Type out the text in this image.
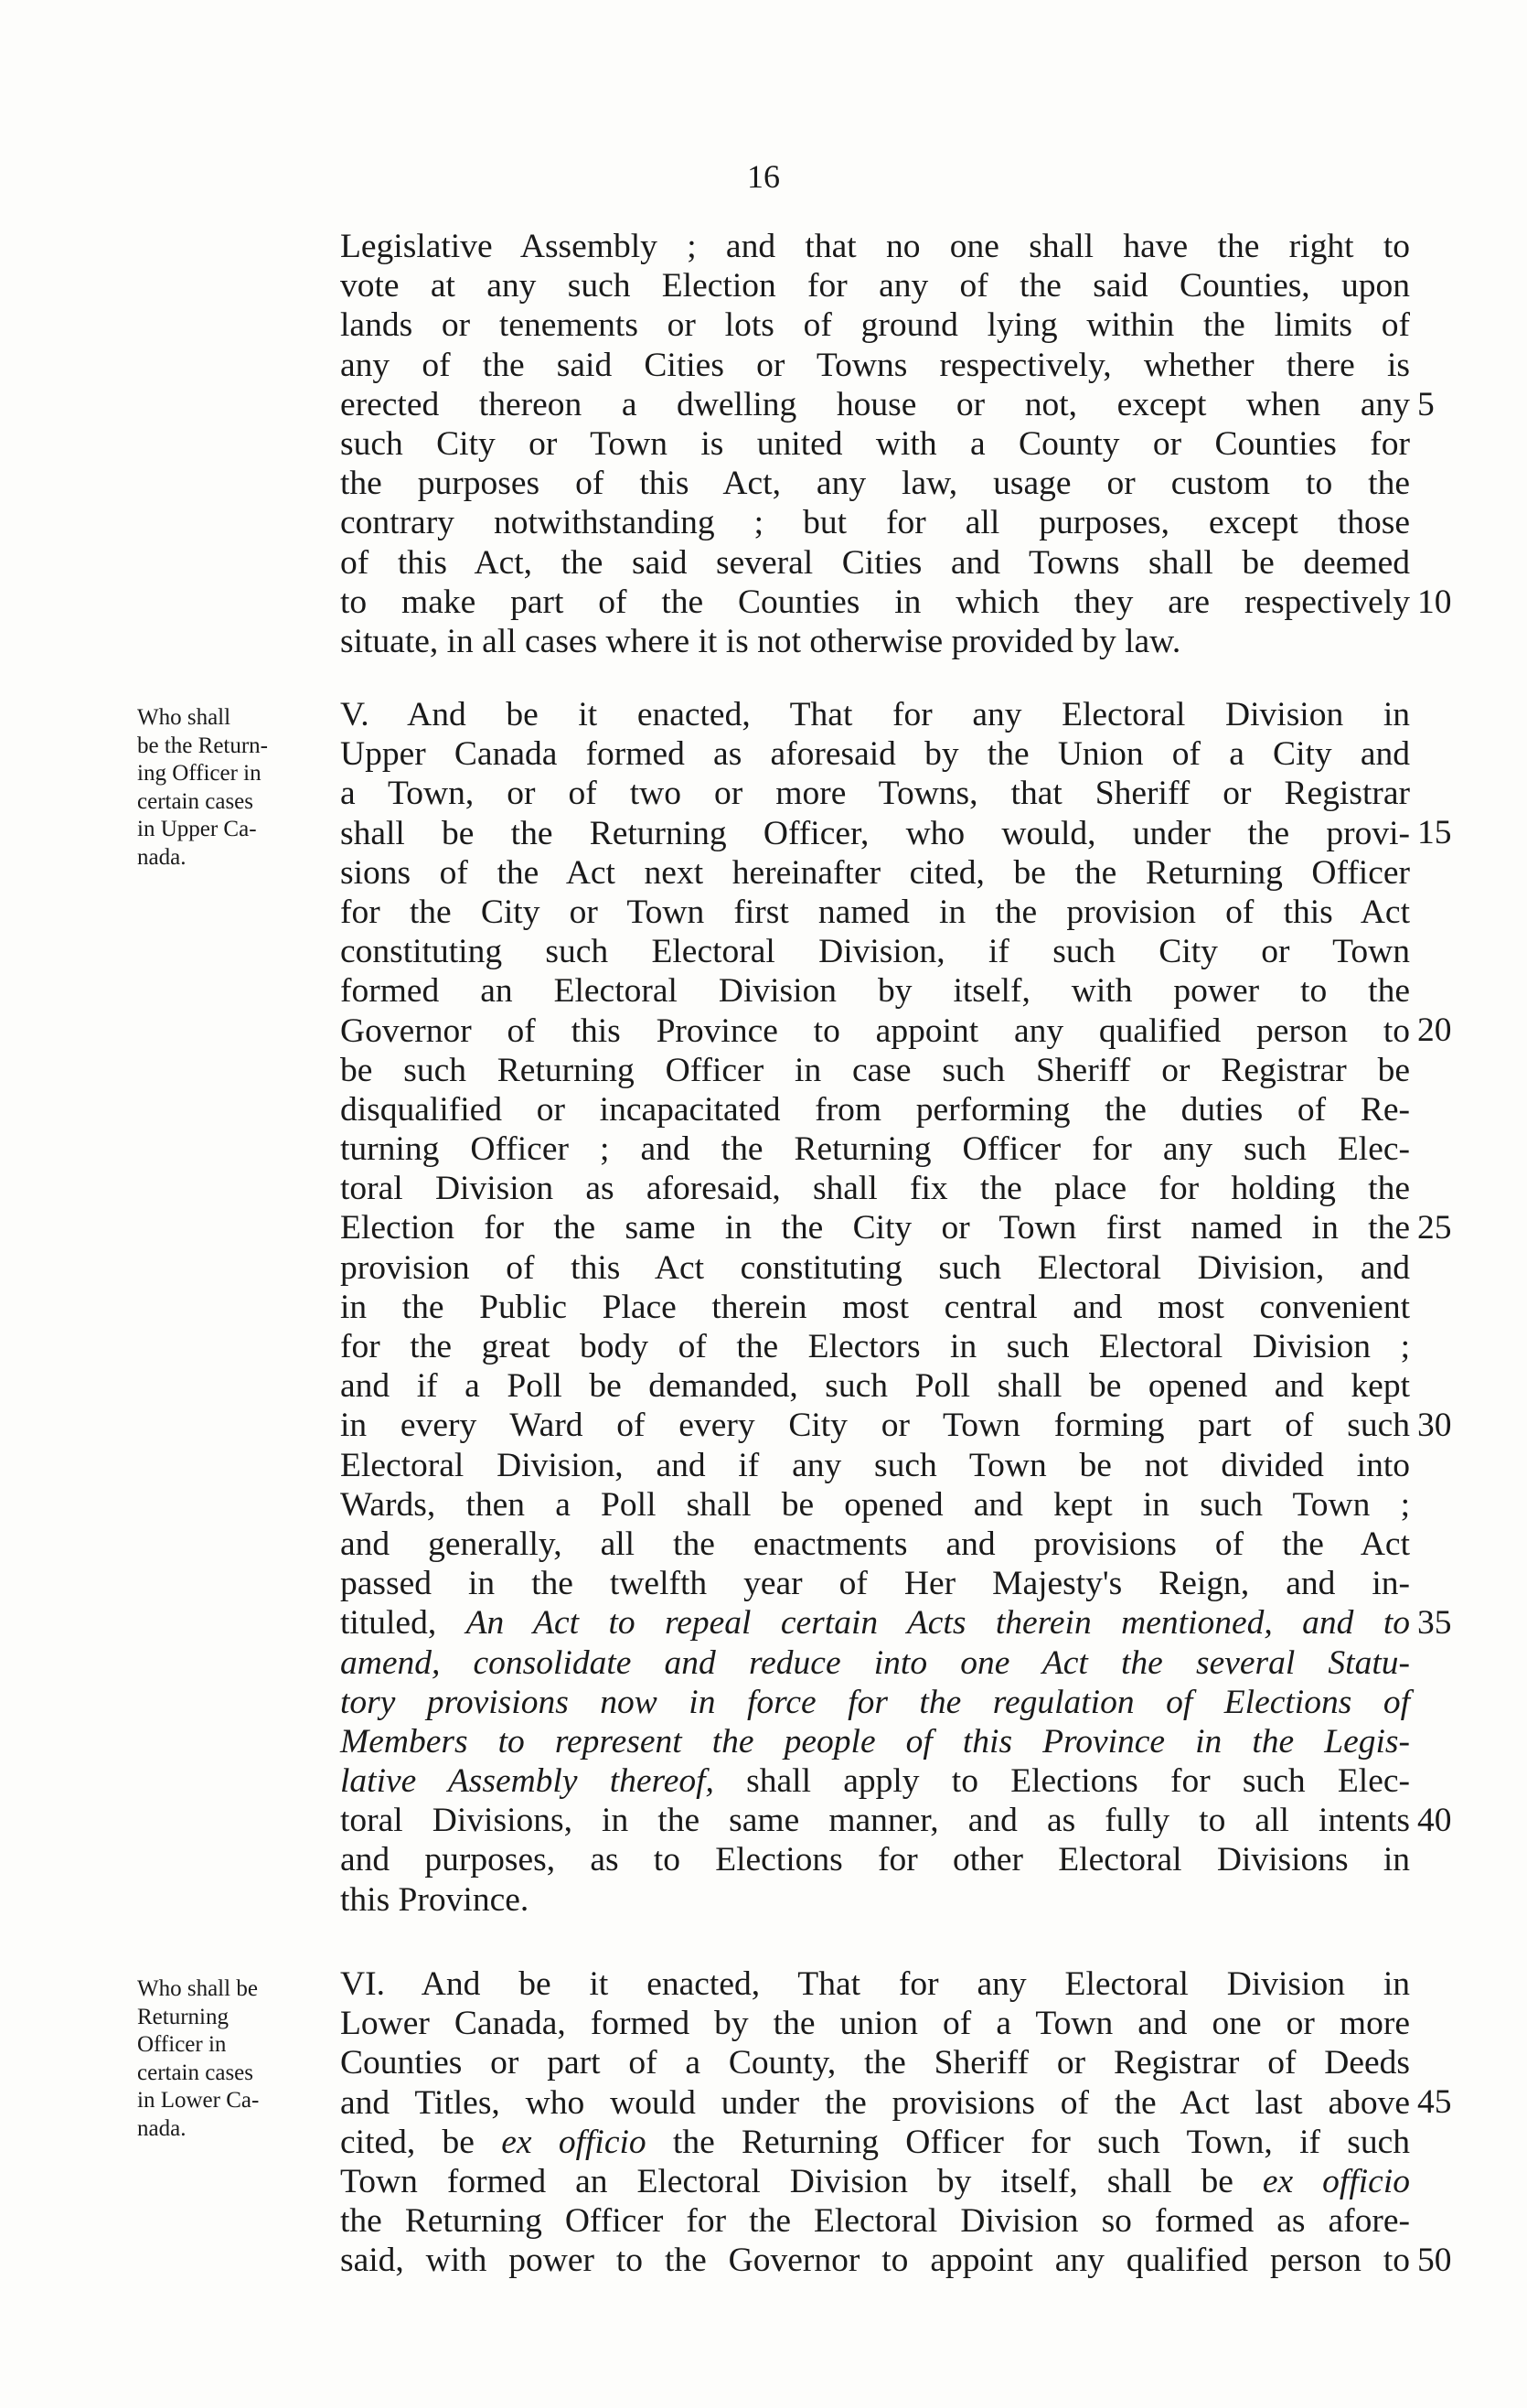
16
Legislative Assembly ; and that no one shall have the right to
vote at any such Election for any of the said Counties, upon
lands or tenements or lots of ground lying within the limits of
any of the said Cities or Towns respectively, whether there is
erected thereon a dwelling house or not, except when any
such City or Town is united with a County or Counties for
the purposes of this Act, any law, usage or custom to the
contrary notwithstanding ; but for all purposes, except those
of this Act, the said several Cities and Towns shall be deemed
to make part of the Counties in which they are respectively
situate, in all cases where it is not otherwise provided by law.
5
10
Who shall
be the Return-
ing Officer in
certain cases
in Upper Ca-
nada.
V. And be it enacted, That for any Electoral Division in
Upper Canada formed as aforesaid by the Union of a City and
a Town, or of two or more Towns, that Sheriff or Registrar
shall be the Returning Officer, who would, under the provi-
sions of the Act next hereinafter cited, be the Returning Officer
for the City or Town first named in the provision of this Act
constituting such Electoral Division, if such City or Town
formed an Electoral Division by itself, with power to the
Governor of this Province to appoint any qualified person to
be such Returning Officer in case such Sheriff or Registrar be
disqualified or incapacitated from performing the duties of Re-
turning Officer ; and the Returning Officer for any such Elec-
toral Division as aforesaid, shall fix the place for holding the
Election for the same in the City or Town first named in the
provision of this Act constituting such Electoral Division, and
in the Public Place therein most central and most convenient
for the great body of the Electors in such Electoral Division ;
and if a Poll be demanded, such Poll shall be opened and kept
in every Ward of every City or Town forming part of such
Electoral Division, and if any such Town be not divided into
Wards, then a Poll shall be opened and kept in such Town ;
and generally, all the enactments and provisions of the Act
passed in the twelfth year of Her Majesty's Reign, and in-
tituled, An Act to repeal certain Acts therein mentioned, and to
amend, consolidate and reduce into one Act the several Statu-
tory provisions now in force for the regulation of Elections of
Members to represent the people of this Province in the Legis-
lative Assembly thereof, shall apply to Elections for such Elec-
toral Divisions, in the same manner, and as fully to all intents
and purposes, as to Elections for other Electoral Divisions in
this Province.
15
20
25
30
35
40
Who shall be
Returning
Officer in
certain cases
in Lower Ca-
nada.
VI. And be it enacted, That for any Electoral Division in
Lower Canada, formed by the union of a Town and one or more
Counties or part of a County, the Sheriff or Registrar of Deeds
and Titles, who would under the provisions of the Act last above
cited, be ex officio the Returning Officer for such Town, if such
Town formed an Electoral Division by itself, shall be ex officio
the Returning Officer for the Electoral Division so formed as afore-
said, with power to the Governor to appoint any qualified person to
45
50
